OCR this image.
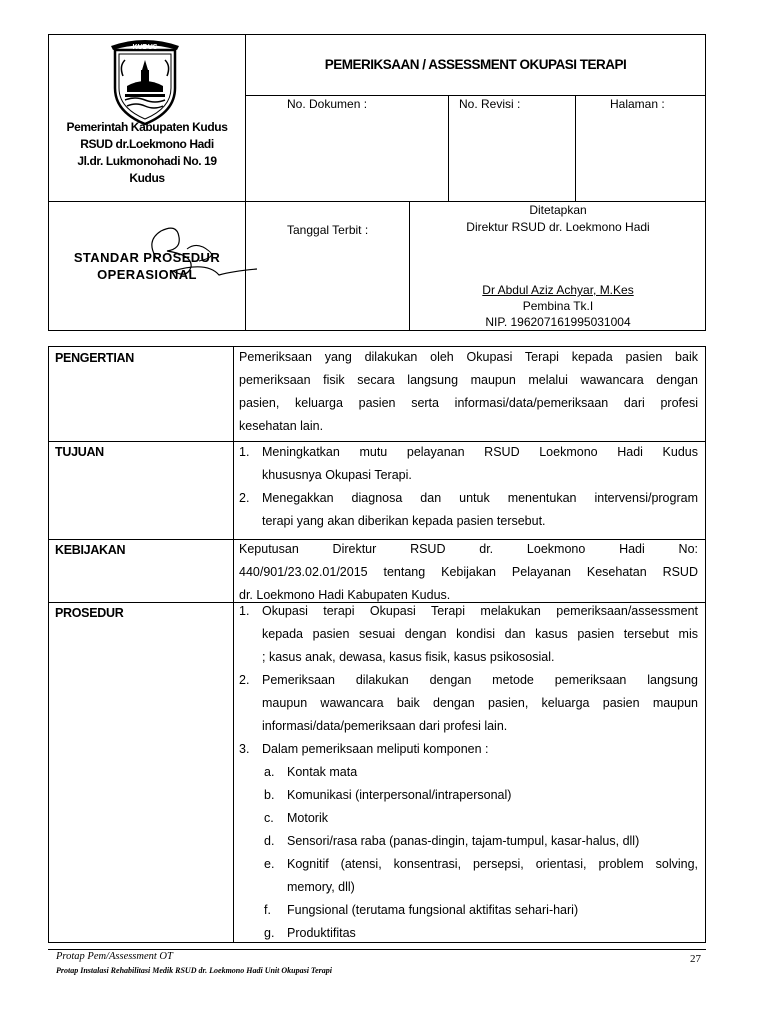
KUDUS
Pemerintah Kabupaten Kudus
RSUD dr.Loekmono Hadi
Jl.dr. Lukmonohadi No. 19
Kudus
PEMERIKSAAN / ASSESSMENT OKUPASI TERAPI
No. Dokumen :	No. Revisi :	Halaman :
STANDAR PROSEDUR
OPERASIONAL
Tanggal Terbit :
Ditetapkan
Direktur RSUD dr. Loekmono Hadi
Dr Abdul Aziz Achyar, M.Kes
Pembina Tk.I
NIP. 196207161995031004
PENGERTIAN	Pemeriksaan yang dilakukan oleh Okupasi Terapi kepada pasien baik
pemeriksaan fisik secara langsung maupun melalui wawancara dengan
pasien, keluarga pasien serta informasi/data/pemeriksaan dari profesi
kesehatan lain.
TUJUAN	1. Meningkatkan mutu pelayanan RSUD Loekmono Hadi Kudus
khususnya Okupasi Terapi.
2. Menegakkan diagnosa dan untuk menentukan intervensi/program
terapi yang akan diberikan kepada pasien tersebut.
KEBIJAKAN	Keputusan Direktur RSUD dr. Loekmono Hadi No:
440/901/23.02.01/2015 tentang Kebijakan Pelayanan Kesehatan RSUD
dr. Loekmono Hadi Kabupaten Kudus.
PROSEDUR	1. Okupasi terapi Okupasi Terapi melakukan pemeriksaan/assessment
kepada pasien sesuai dengan kondisi dan kasus pasien tersebut mis
; kasus anak, dewasa, kasus fisik, kasus psikososial.
2. Pemeriksaan dilakukan dengan metode pemeriksaan langsung
maupun wawancara baik dengan pasien, keluarga pasien maupun
informasi/data/pemeriksaan dari profesi lain.
3. Dalam pemeriksaan meliputi komponen :
a. Kontak mata
b. Komunikasi (interpersonal/intrapersonal)
c. Motorik
d. Sensori/rasa raba (panas-dingin, tajam-tumpul, kasar-halus, dll)
e. Kognitif (atensi, konsentrasi, persepsi, orientasi, problem solving,
memory, dll)
f. Fungsional (terutama fungsional aktifitas sehari-hari)
g. Produktifitas
Protap Pem/Assessment OT
Protap Instalasi Rehabilitasi Medik RSUD dr. Loekmono Hadi Unit Okupasi Terapi
27
